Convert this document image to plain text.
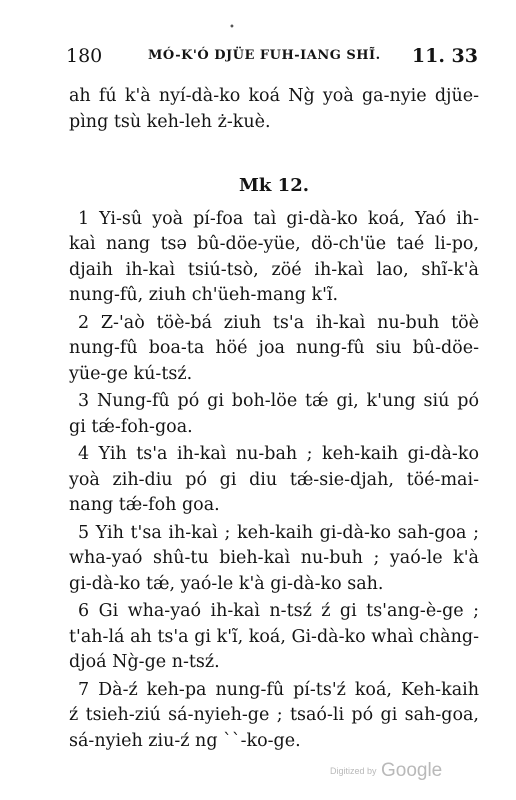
180	MÓ-K'Ó DJÜE FUH-IANG SHĨ. 11. 33
ah fú k'à nyí-dà-ko koá Ng̀ yoà ga-nyie djüe-
pìng tsù keh-leh ż-kuè.
Mk 12.
1 Yi-sû yoà pí-foa taì gi-dà-ko koá, Yaó ih-
kaì nang tsə bû-döe-yüe, dö-ch'üe taé li-po,
djaih ih-kaì tsiú-tsò, zöé ih-kaì lao, shĩ-k'à
nung-fû, ziuh ch'üeh-mang k'ĩ.
2 Z-'aò töè-bá ziuh ts'a ih-kaì nu-buh töè
nung-fû boa-ta höé joa nung-fû siu bû-döe-
yüe-ge kú-tsź.
3 Nung-fû pó gi boh-löe tǽ gi, k'ung siú pó
gi tǽ-foh-goa.
4 Yih ts'a ih-kaì nu-bah ; keh-kaih gi-dà-ko
yoà zih-diu pó gi diu tǽ-sie-djah, töé-mai-
nang tǽ-foh goa.
5 Yih t'sa ih-kaì ; keh-kaih gi-dà-ko sah-goa ;
wha-yaó shû-tu bieh-kaì nu-buh ; yaó-le k'à
gi-dà-ko tǽ, yaó-le k'à gi-dà-ko sah.
6 Gi wha-yaó ih-kaì n-tsź ź gi ts'ang-è-ge ;
t'ah-lá ah ts'a gi k'ĩ, koá, Gi-dà-ko whaì chàng-
djoá Ng̀-ge n-tsź.
7 Dà-ź keh-pa nung-fû pí-ts'ź koá, Keh-kaih
ź tsieh-ziú sá-nyieh-ge ; tsaó-li pó gi sah-goa,
sá-nyieh ziu-ź ng ˋˋ-ko-ge.
•
Digitized by Google
